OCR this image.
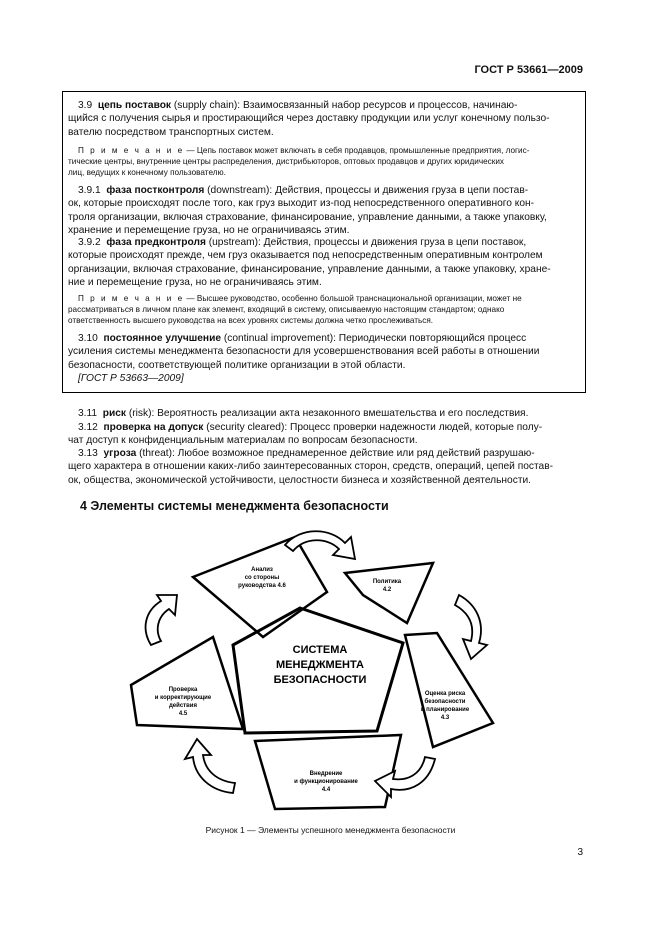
ГОСТ Р 53661—2009

3.9 цепь поставок (supply chain): Взаимосвязанный набор ресурсов и процессов, начинаю-
щийся с получения сырья и простирающийся через доставку продукции или услуг конечному пользо-
вателю посредством транспортных систем.

П р и м е ч а н и е — Цепь поставок может включать в себя продавцов, промышленные предприятия, логис-
тические центры, внутренние центры распределения, дистрибьюторов, оптовых продавцов и других юридических
лиц, ведущих к конечному пользователю.

3.9.1 фаза постконтроля (downstream): Действия, процессы и движения груза в цепи постав-
ок, которые происходят после того, как груз выходит из-под непосредственного оперативного кон-
троля организации, включая страхование, финансирование, управление данными, а также упаковку,
хранение и перемещение груза, но не ограничиваясь этим.

3.9.2 фаза предконтроля (upstream): Действия, процессы и движения груза в цепи поставок,
которые происходят прежде, чем груз оказывается под непосредственным оперативным контролем
организации, включая страхование, финансирование, управление данными, а также упаковку, хране-
ние и перемещение груза, но не ограничиваясь этим.

П р и м е ч а н и е — Высшее руководство, особенно большой транснациональной организации, может не
рассматриваться в личном плане как элемент, входящий в систему, описываемую настоящим стандартом; однако
ответственность высшего руководства на всех уровнях системы должна четко прослеживаться.

3.10 постоянное улучшение (continual improvement): Периодически повторяющийся процесс
усиления системы менеджмента безопасности для усовершенствования всей работы в отношении
безопасности, соответствующей политике организации в этой области.
[ГОСТ Р 53663—2009]

3.11 риск (risk): Вероятность реализации акта незаконного вмешательства и его последствия.

3.12 проверка на допуск (security cleared): Процесс проверки надежности людей, которые полу-
чат доступ к конфиденциальным материалам по вопросам безопасности.

3.13 угроза (threat): Любое возможное преднамеренное действие или ряд действий разрушаю-
щего характера в отношении каких-либо заинтересованных сторон, средств, операций, цепей постав-
ок, общества, экономической устойчивости, целостности бизнеса и хозяйственной деятельности.

4 Элементы системы менеджмента безопасности
СИСТЕМА
МЕНЕДЖМЕНТА
БЕЗОПАСНОСТИ
Анализ
со стороны
руководства 4.6
Политика
4.2
Оценка риска
безопасности
и планирование
4.3
Внедрение
и функционирование
4.4
Проверка
и корректирующие
действия
4.5
Рисунок 1 — Элементы успешного менеджмента безопасности
3
